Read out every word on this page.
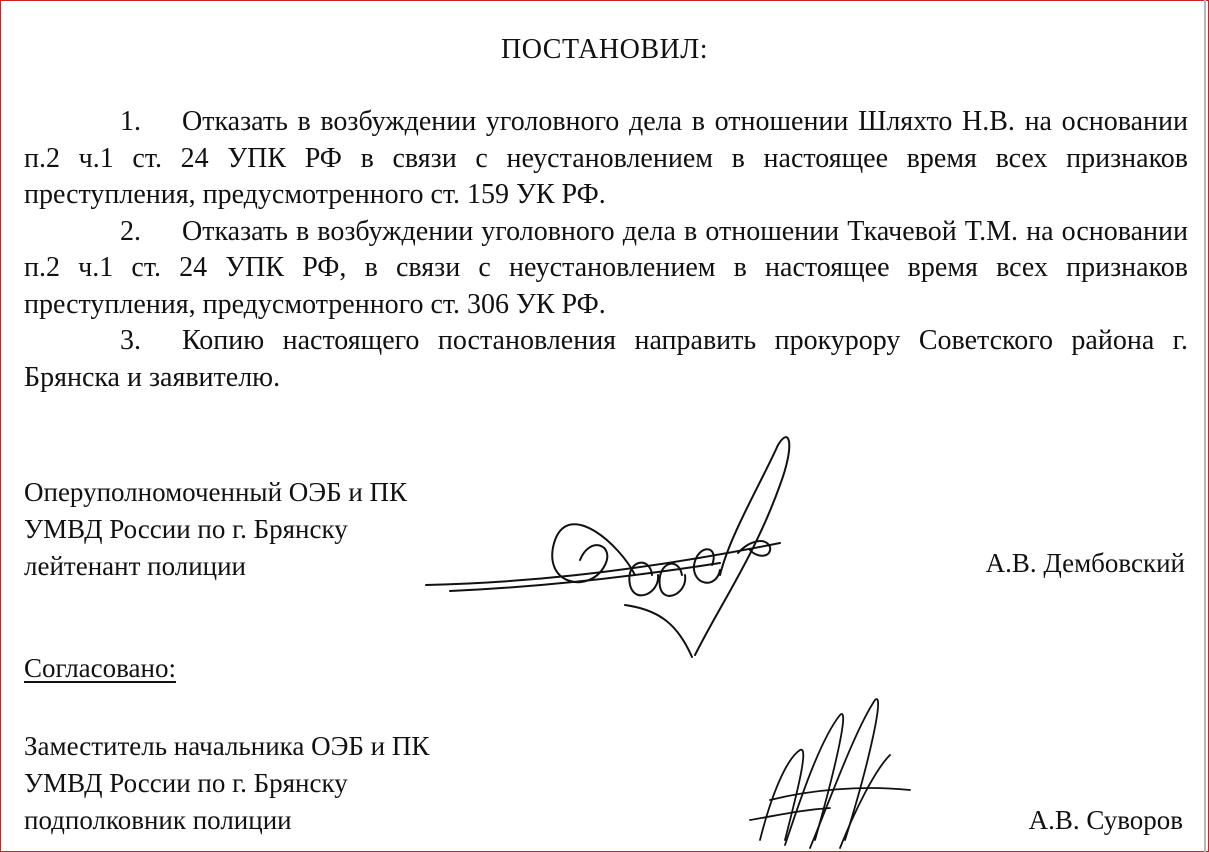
ПОСТАНОВИЛ:

1. Отказать в возбуждении уголовного дела в отношении Шляхто Н.В. на основании п.2 ч.1 ст. 24 УПК РФ в связи с неустановлением в настоящее время всех признаков преступления, предусмотренного ст. 159 УК РФ.

2. Отказать в возбуждении уголовного дела в отношении Ткачевой Т.М. на основании п.2 ч.1 ст. 24 УПК РФ, в связи с неустановлением в настоящее время всех признаков преступления, предусмотренного ст. 306 УК РФ.

3. Копию настоящего постановления направить прокурору Советского района г. Брянска и заявителю.

Оперуполномоченный ОЭБ и ПК
УМВД России по г. Брянску
лейтенант полиции	А.В. Дембовский
Согласовано:
Заместитель начальника ОЭБ и ПК
УМВД России по г. Брянску
подполковник полиции	А.В. Суворов
